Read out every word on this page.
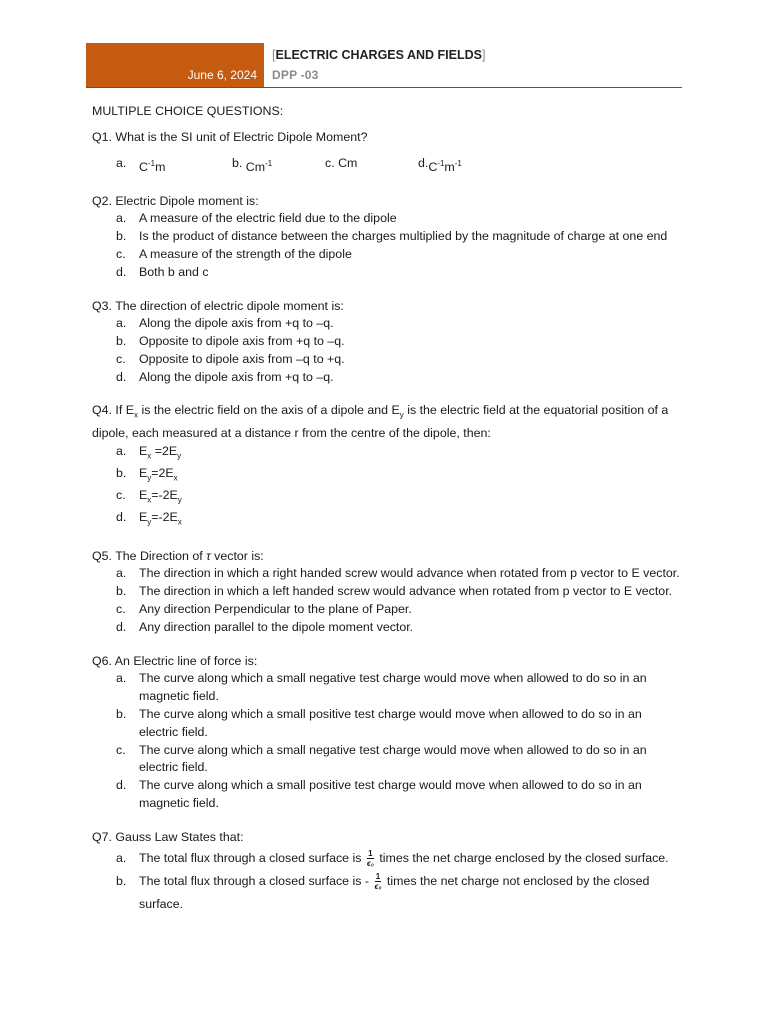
June 6, 2024
[ELECTRIC CHARGES AND FIELDS]
DPP -03
MULTIPLE CHOICE QUESTIONS:
Q1. What is the SI unit of Electric Dipole Moment?
a.	$C^{-1}m$	b.
$Cm^{-1}$	c.
Cm	d. $C^{-1}m^{-1}$
Q2. Electric Dipole moment is:
a.	A measure of the electric field due to the dipole
b.	Is the product of distance between the charges multiplied by the magnitude of charge at one end
c.	A measure of the strength of the dipole
d.	Both b and c
Q3. The direction of electric dipole moment is:
a.	Along the dipole axis from +q to –q.
b.	Opposite to dipole axis from +q to –q.
c.	Opposite to dipole axis from –q to +q.
d.	Along the dipole axis from +q to –q.
Q4. If $E_x$ is the electric field on the axis of a dipole and $E_y$ is the electric field at the equatorial position of a dipole, each measured at a distance r from the centre of the dipole, then:
a.	$E_x =2E_y$
b.	$E_y=2E_x$
c.	$E_x=-2E_y$
d.	$E_y=-2E_x$
Q5. The Direction of τ vector is:
a.	The direction in which a right handed screw would advance when rotated from p vector to E vector.
b.	The direction in which a left handed screw would advance when rotated from p vector to E vector.
c.	Any direction Perpendicular to the plane of Paper.
d.	Any direction parallel to the dipole moment vector.
Q6. An Electric line of force is:
a.	The curve along which a small negative test charge would move when allowed to do so in an magnetic field.
b.	The curve along which a small positive test charge would move when allowed to do so in an electric field.
c.	The curve along which a small negative test charge would move when allowed to do so in an electric field.
d.	The curve along which a small positive test charge would move when allowed to do so in an magnetic field.
Q7. Gauss Law States that:
a.	The total flux through a closed surface is $\frac{1}{\text{ϵ₀}}$ times the net charge enclosed by the closed surface.
b.	The total flux through a closed surface is - $\frac{1}{\text{ϵ₀}}$ times the net charge not enclosed by the closed surface.
